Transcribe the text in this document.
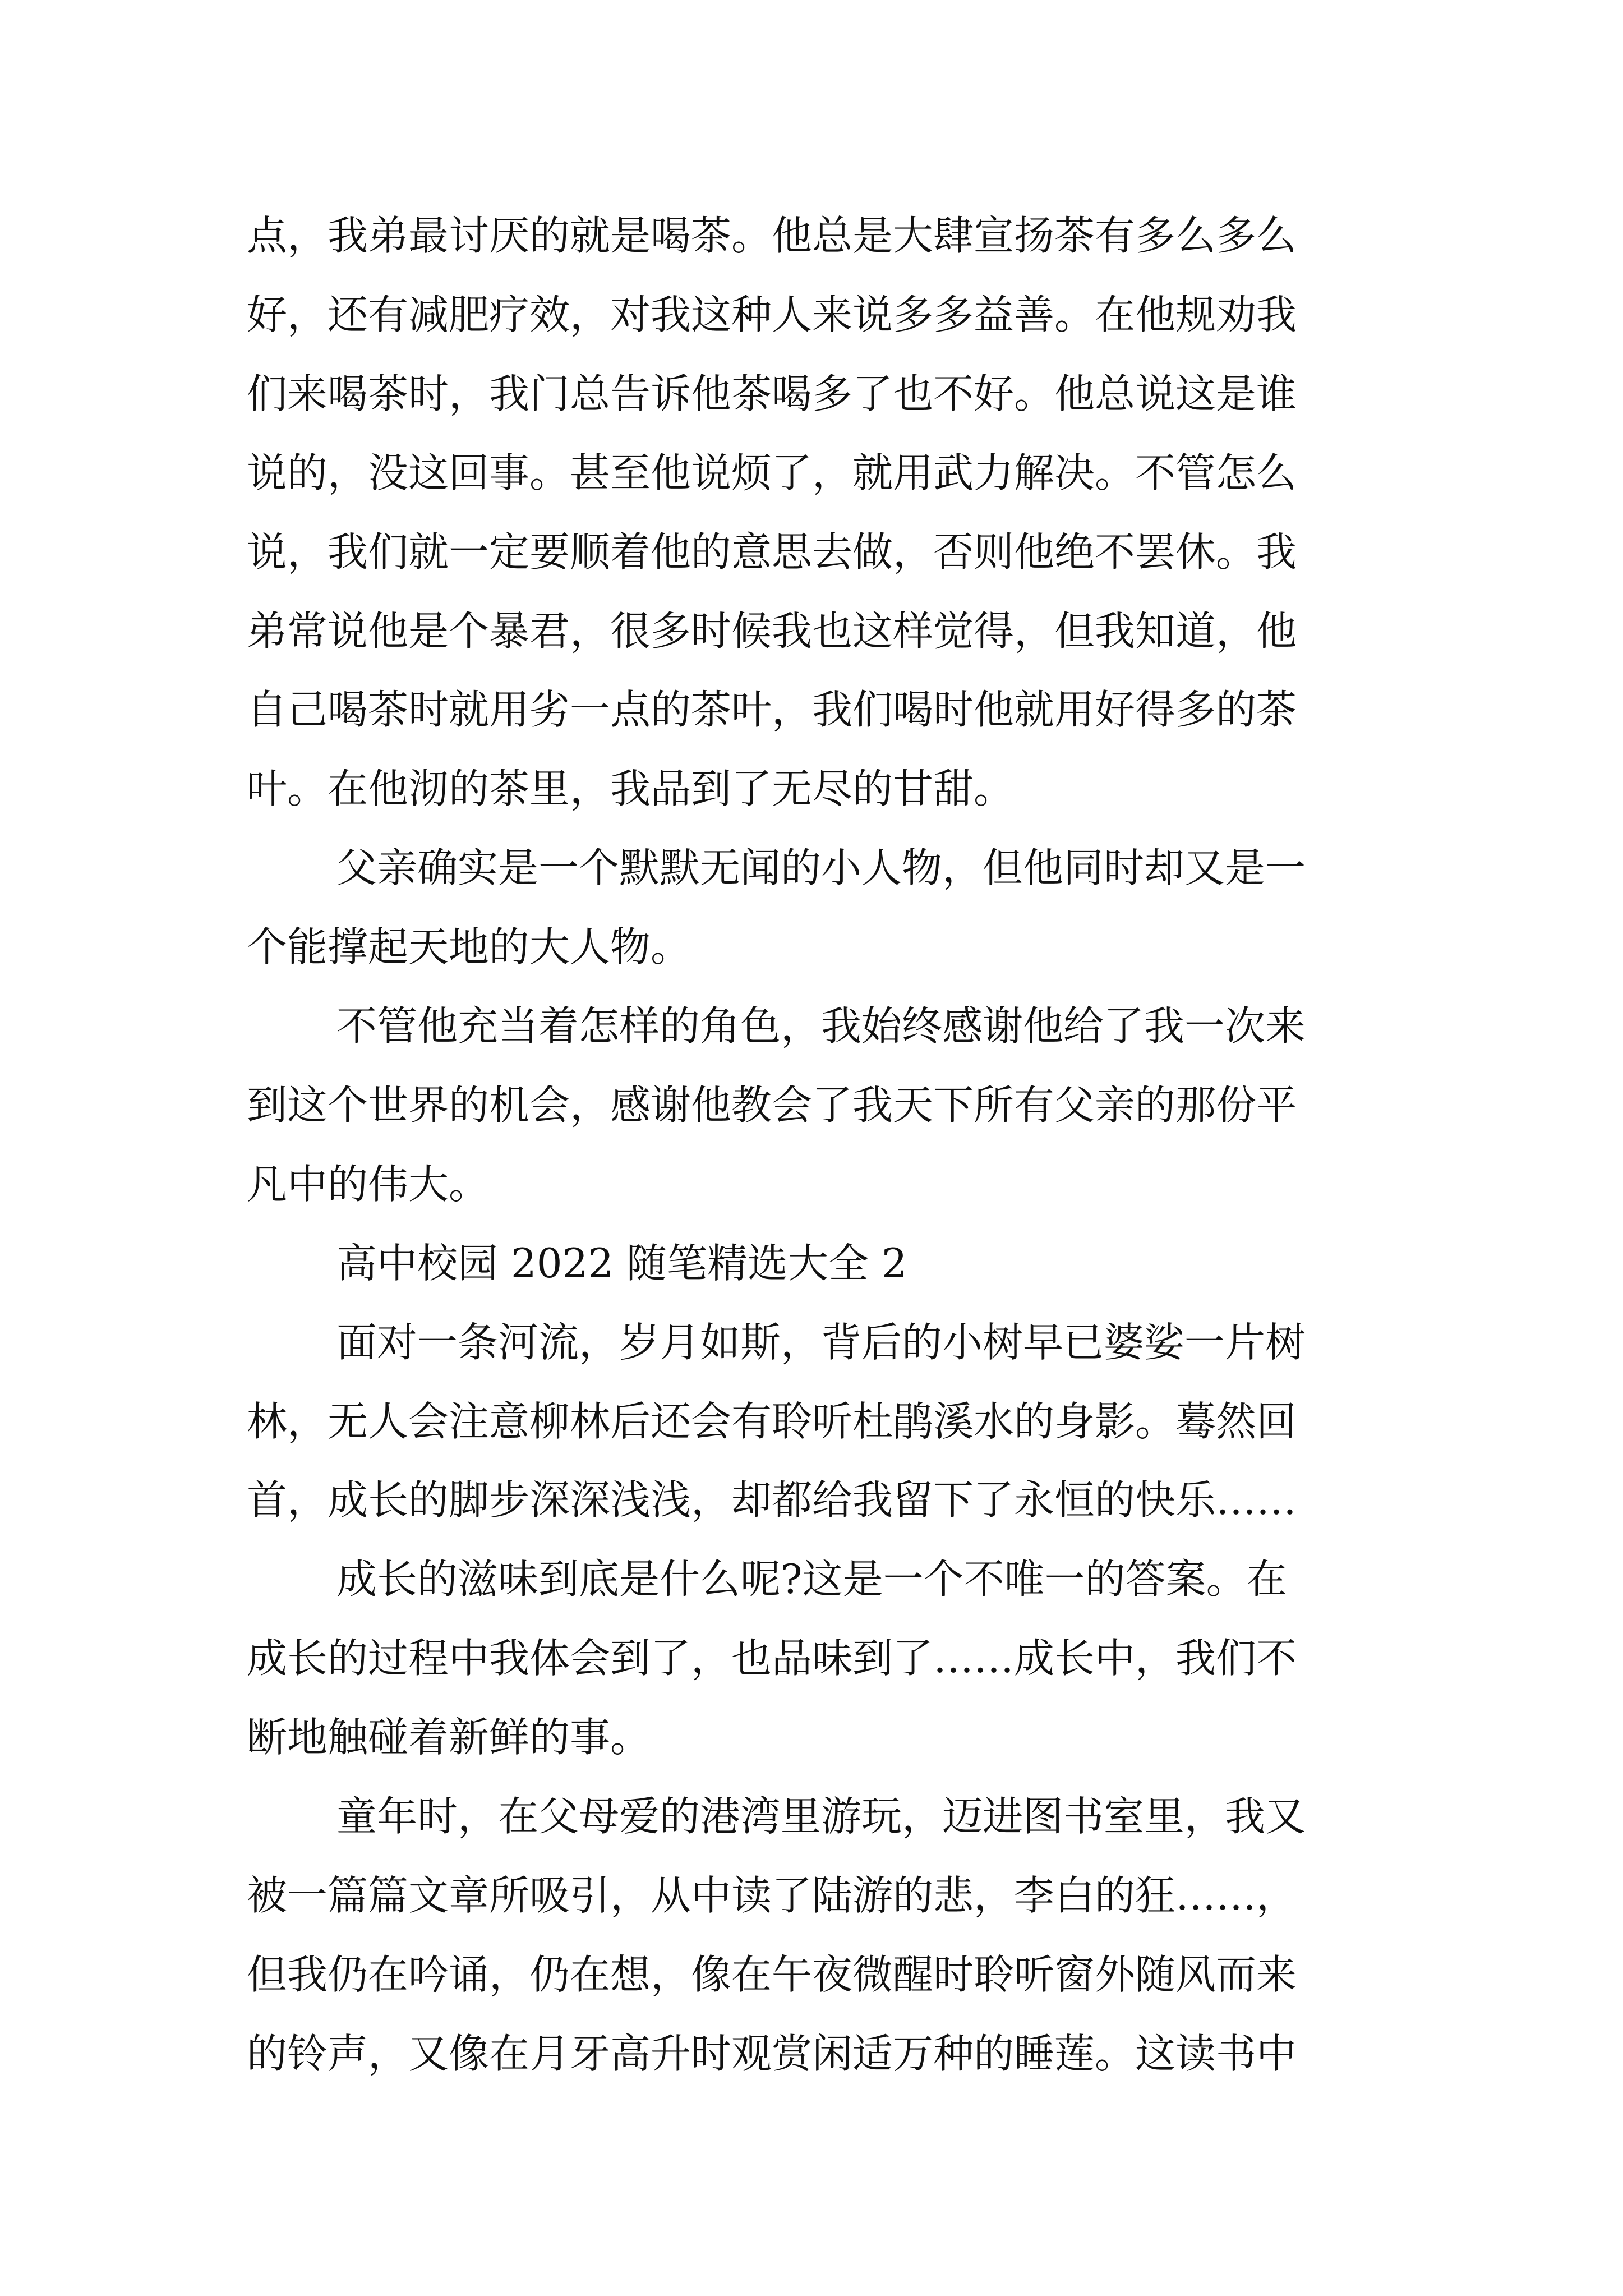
点，我弟最讨厌的就是喝茶。他总是大肆宣扬茶有多么多么
好，还有减肥疗效，对我这种人来说多多益善。在他规劝我
们来喝茶时，我门总告诉他茶喝多了也不好。他总说这是谁
说的，没这回事。甚至他说烦了，就用武力解决。不管怎么
说，我们就一定要顺着他的意思去做，否则他绝不罢休。我
弟常说他是个暴君，很多时候我也这样觉得，但我知道，他
自己喝茶时就用劣一点的茶叶，我们喝时他就用好得多的茶
叶。在他沏的茶里，我品到了无尽的甘甜。
父亲确实是一个默默无闻的小人物，但他同时却又是一
个能撑起天地的大人物。
不管他充当着怎样的角色，我始终感谢他给了我一次来
到这个世界的机会，感谢他教会了我天下所有父亲的那份平
凡中的伟大。
高中校园 2022 随笔精选大全 2
面对一条河流，岁月如斯，背后的小树早已婆娑一片树
林，无人会注意柳林后还会有聆听杜鹃溪水的身影。蓦然回
首，成长的脚步深深浅浅，却都给我留下了永恒的快乐……
成长的滋味到底是什么呢?这是一个不唯一的答案。在
成长的过程中我体会到了，也品味到了……成长中，我们不
断地触碰着新鲜的事。
童年时，在父母爱的港湾里游玩，迈进图书室里，我又
被一篇篇文章所吸引，从中读了陆游的悲，李白的狂……，
但我仍在吟诵，仍在想，像在午夜微醒时聆听窗外随风而来
的铃声，又像在月牙高升时观赏闲适万种的睡莲。这读书中
